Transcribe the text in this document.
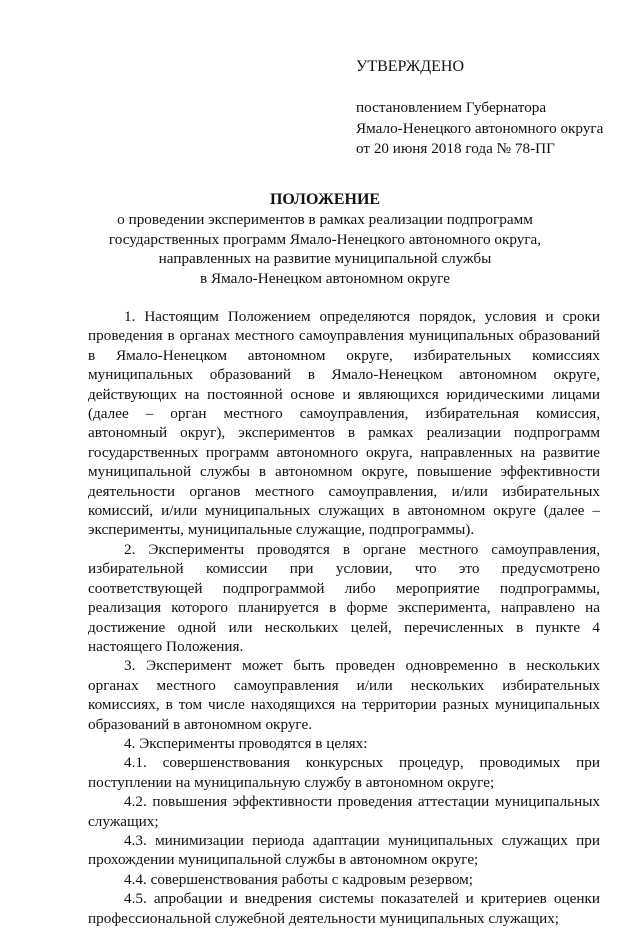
УТВЕРЖДЕНО

постановлением Губернатора

Ямало-Ненецкого автономного округа

от 20 июня 2018 года № 78-ПГ

ПОЛОЖЕНИЕ
о проведении экспериментов в рамках реализации подпрограмм
государственных программ Ямало-Ненецкого автономного округа,
направленных на развитие муниципальной службы
в Ямало-Ненецком автономном округе

1. Настоящим Положением определяются порядок, условия и сроки проведения в органах местного самоуправления муниципальных образований в Ямало-Ненецком автономном округе, избирательных комиссиях муниципальных образований в Ямало-Ненецком автономном округе, действующих на постоянной основе и являющихся юридическими лицами (далее – орган местного самоуправления, избирательная комиссия, автономный округ), экспериментов в рамках реализации подпрограмм государственных программ автономного округа, направленных на развитие муниципальной службы в автономном округе, повышение эффективности деятельности органов местного самоуправления, и/или избирательных комиссий, и/или муниципальных служащих в автономном округе (далее – эксперименты, муниципальные служащие, подпрограммы).

2. Эксперименты проводятся в органе местного самоуправления, избирательной комиссии при условии, что это предусмотрено соответствующей подпрограммой либо мероприятие подпрограммы, реализация которого планируется в форме эксперимента, направлено на достижение одной или нескольких целей, перечисленных в пункте 4 настоящего Положения.

3. Эксперимент может быть проведен одновременно в нескольких органах местного самоуправления и/или нескольких избирательных комиссиях, в том числе находящихся на территории разных муниципальных образований в автономном округе.

4. Эксперименты проводятся в целях:

4.1. совершенствования конкурсных процедур, проводимых при поступлении на муниципальную службу в автономном округе;

4.2. повышения эффективности проведения аттестации муниципальных служащих;

4.3. минимизации периода адаптации муниципальных служащих при прохождении муниципальной службы в автономном округе;

4.4. совершенствования работы с кадровым резервом;

4.5. апробации и внедрения системы показателей и критериев оценки профессиональной служебной деятельности муниципальных служащих;
